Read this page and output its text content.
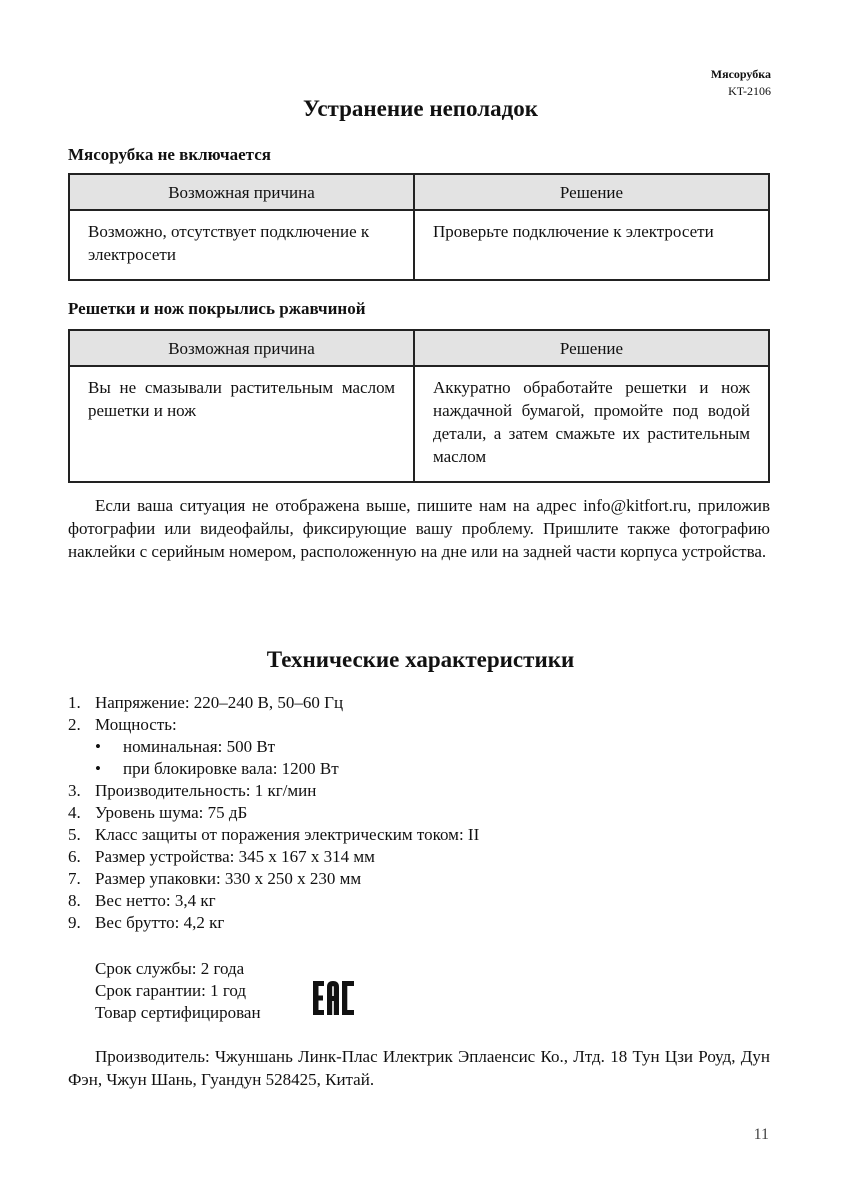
Мясорубка
KT-2106
Устранение неполадок
Мясорубка не включается
Возможная причина	Решение
Возможно, отсутствует подключение к электросети	Проверьте подключение к электросети
Решетки и нож покрылись ржавчиной
Возможная причина	Решение
Вы не смазывали растительным маслом решетки и нож	Аккуратно обработайте решетки и нож наждачной бумагой, промойте под водой детали, а затем смажьте их растительным маслом

Если ваша ситуация не отображена выше, пишите нам на адрес info@kitfort.ru, приложив фотографии или видеофайлы, фиксирующие вашу проблему. Пришлите также фотографию наклейки с серийным номером, расположенную на дне или на задней части корпуса устройства.

Технические характеристики
1. Напряжение: 220–240 В, 50–60 Гц
2. Мощность:
• номинальная: 500 Вт
• при блокировке вала: 1200 Вт
3. Производительность: 1 кг/мин
4. Уровень шума: 75 дБ
5. Класс защиты от поражения электрическим током: II
6. Размер устройства: 345 x 167 x 314 мм
7. Размер упаковки: 330 x 250 x 230 мм
8. Вес нетто: 3,4 кг
9. Вес брутто: 4,2 кг
Срок службы: 2 года
Срок гарантии: 1 год
Товар сертифицирован

Производитель: Чжуншань Линк-Плас Илектрик Эплаенсис Ко., Лтд. 18 Тун Цзи Роуд, Дун Фэн, Чжун Шань, Гуандун 528425, Китай.

11
